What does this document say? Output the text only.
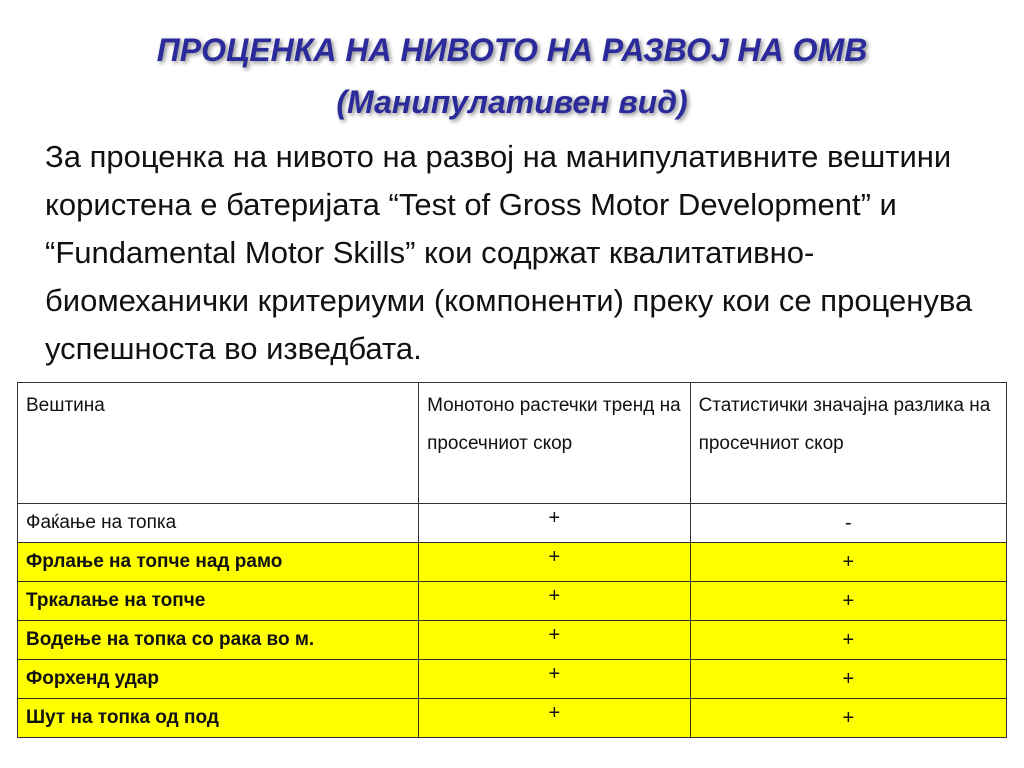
ПРОЦЕНКА НА НИВОТО НА РАЗВОЈ НА ОМВ
(Манипулативен вид)

За проценка на нивото на развој на манипулативните вештини користена е батеријата “Test of Gross Motor Development” и “Fundamental Motor Skills” кои содржат квалитативно-биомеханички критериуми (компоненти) преку кои се проценува успешноста во изведбата.

Вештина	Монотоно растечки тренд на просечниот скор	Статистички значајна разлика на просечниот скор
Фаќање на топка	+	-
Фрлање на топче над рамо	+	+
Тркалање на топче	+	+
Водење на топка со рака во м.	+	+
Форхенд удар	+	+
Шут на топка од под	+	+
